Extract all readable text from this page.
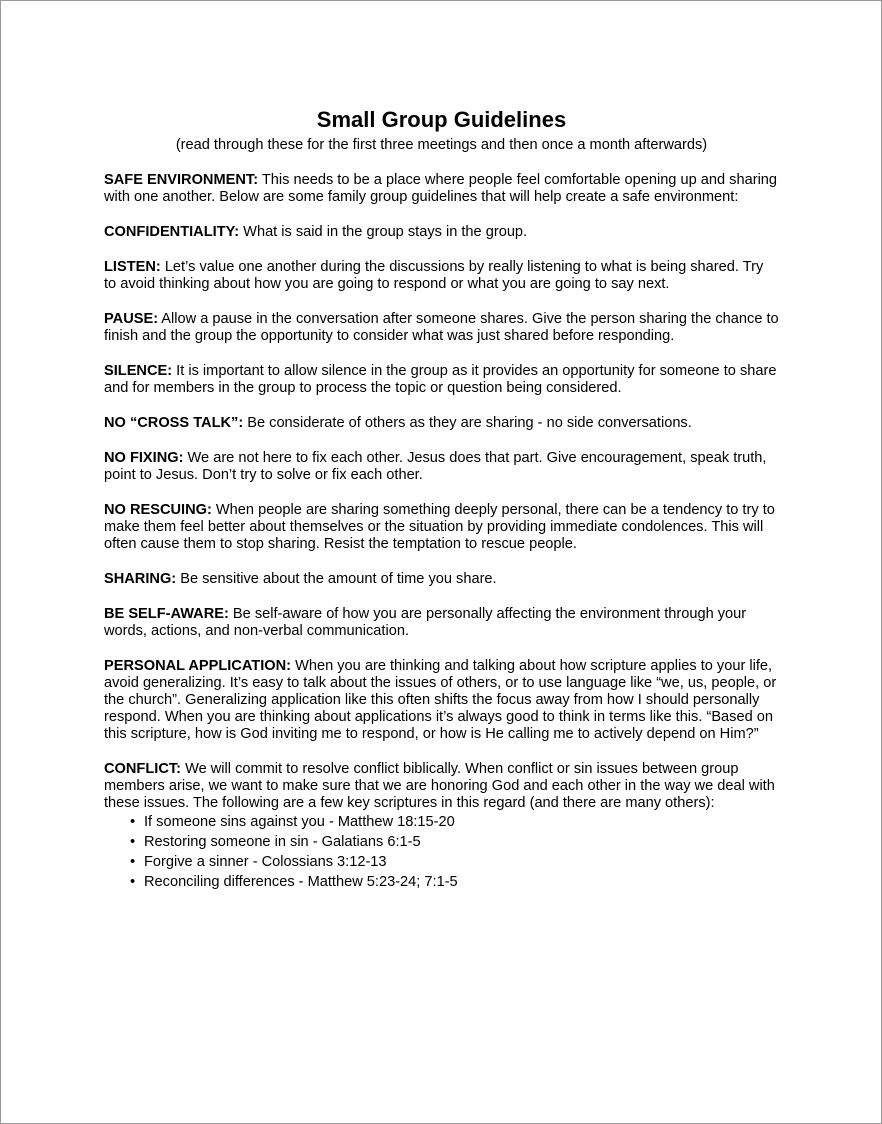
Small Group Guidelines

(read through these for the first three meetings and then once a month afterwards)

SAFE ENVIRONMENT: This needs to be a place where people feel comfortable opening up and sharing with one another. Below are some family group guidelines that will help create a safe environment:

CONFIDENTIALITY: What is said in the group stays in the group.

LISTEN: Let’s value one another during the discussions by really listening to what is being shared. Try to avoid thinking about how you are going to respond or what you are going to say next.

PAUSE: Allow a pause in the conversation after someone shares. Give the person sharing the chance to finish and the group the opportunity to consider what was just shared before responding.

SILENCE: It is important to allow silence in the group as it provides an opportunity for someone to share and for members in the group to process the topic or question being considered.

NO “CROSS TALK”: Be considerate of others as they are sharing - no side conversations.

NO FIXING: We are not here to fix each other. Jesus does that part. Give encouragement, speak truth, point to Jesus. Don’t try to solve or fix each other.

NO RESCUING: When people are sharing something deeply personal, there can be a tendency to try to make them feel better about themselves or the situation by providing immediate condolences. This will often cause them to stop sharing. Resist the temptation to rescue people.

SHARING: Be sensitive about the amount of time you share.

BE SELF-AWARE: Be self-aware of how you are personally affecting the environment through your words, actions, and non-verbal communication.

PERSONAL APPLICATION: When you are thinking and talking about how scripture applies to your life, avoid generalizing. It’s easy to talk about the issues of others, or to use language like “we, us, people, or the church”. Generalizing application like this often shifts the focus away from how I should personally respond. When you are thinking about applications it’s always good to think in terms like this. “Based on this scripture, how is God inviting me to respond, or how is He calling me to actively depend on Him?”

CONFLICT: We will commit to resolve conflict biblically. When conflict or sin issues between group members arise, we want to make sure that we are honoring God and each other in the way we deal with these issues. The following are a few key scriptures in this regard (and there are many others):

• If someone sins against you - Matthew 18:15-20
• Restoring someone in sin - Galatians 6:1-5
• Forgive a sinner - Colossians 3:12-13
• Reconciling differences - Matthew 5:23-24; 7:1-5
